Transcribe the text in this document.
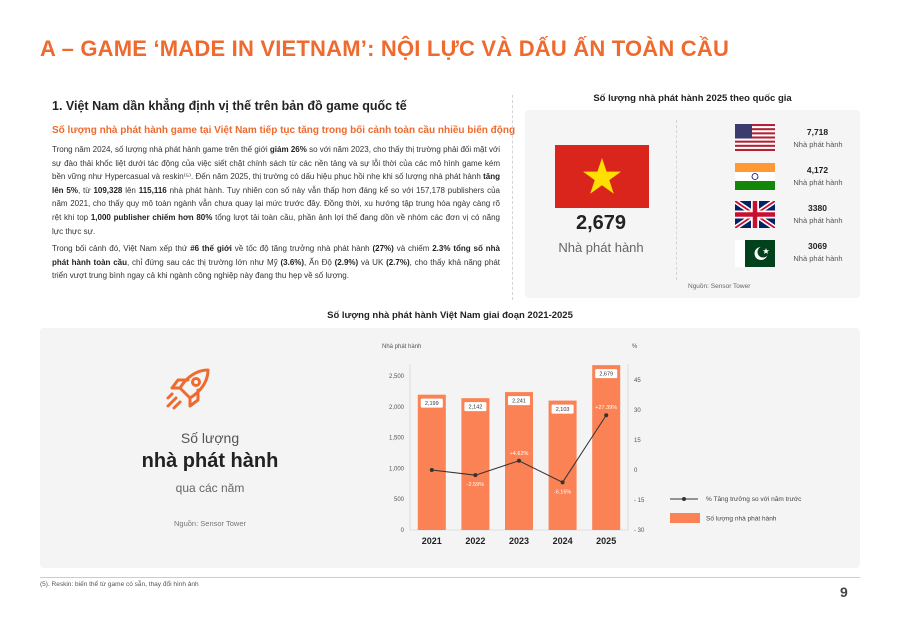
A – GAME ‘MADE IN VIETNAM’: NỘI LỰC VÀ DẤU ẤN TOÀN CẦU
1. Việt Nam dần khẳng định vị thế trên bản đồ game quốc tế
Số lượng nhà phát hành game tại Việt Nam tiếp tục tăng trong bối cảnh toàn cầu nhiều biến động
Trong năm 2024, số lượng nhà phát hành game trên thế giới giảm 26% so với năm 2023, cho thấy thị trường phải đối mặt với sự đào thải khốc liệt dưới tác động của việc siết chặt chính sách từ các nền tảng và sự lỗi thời của các mô hình game kém bền vững như Hypercasual và reskin⁽⁵⁾. Đến năm 2025, thị trường có dấu hiệu phục hồi nhẹ khi số lượng nhà phát hành tăng lên 5%, từ 109,328 lên 115,116 nhà phát hành. Tuy nhiên con số này vẫn thấp hơn đáng kể so với 157,178 publishers của năm 2021, cho thấy quy mô toàn ngành vẫn chưa quay lại mức trước đây. Đồng thời, xu hướng tập trung hóa ngày càng rõ rệt khi top 1,000 publisher chiếm hơn 80% tổng lượt tải toàn cầu, phần ảnh lợi thế đang dồn về nhóm các đơn vị có năng lực thực sự.
Trong bối cảnh đó, Việt Nam xếp thứ #6 thế giới về tốc độ tăng trưởng nhà phát hành (27%) và chiếm 2.3% tổng số nhà phát hành toàn cầu, chỉ đứng sau các thị trường lớn như Mỹ (3.6%), Ấn Độ (2.9%) và UK (2.7%), cho thấy khả năng phát triển vượt trung bình ngay cả khi ngành công nghiệp này đang thu hẹp về số lượng.
Số lượng nhà phát hành 2025 theo quốc gia
2,679
Nhà phát hành
7,718
Nhà phát hành
4,172
Nhà phát hành
3380
Nhà phát hành
3069
Nhà phát hành
Nguồn: Sensor Tower
Số lượng nhà phát hành Việt Nam giai đoạn 2021-2025
Số lượng
nhà phát hành
qua các năm
Nguồn: Sensor Tower
Nhà phát hành	%
0
500
1,000
1,500
2,000
2,500
- 30
- 15
0
15
30
45
2,199
2021
2,142
2022
2,241
2023
2,103
2024
2,679
2025
-2.59%
+4.62%
-6.16%
+27.39%
% Tăng trưởng so với năm trước
Số lượng nhà phát hành
(5). Reskin: biến thể từ game có sẵn, thay đổi hình ảnh	9
